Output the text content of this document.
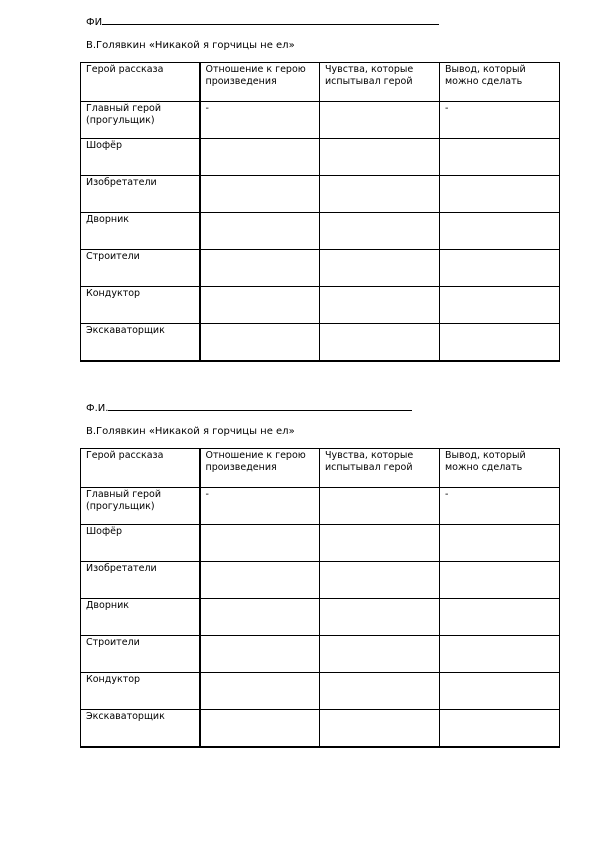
ФИ
В.Голявкин «Никакой я горчицы не ел»
Герой рассказа	Отношение к герою произведения	Чувства, которые испытывал герой	Вывод, который можно сделать
Главный герой (прогульщик)	-		-
Шофёр			
Изобретатели			
Дворник			
Строители			
Кондуктор			
Экскаваторщик			
Ф.И.
В.Голявкин «Никакой я горчицы не ел»
Герой рассказа	Отношение к герою произведения	Чувства, которые испытывал герой	Вывод, который можно сделать
Главный герой (прогульщик)	-		-
Шофёр			
Изобретатели			
Дворник			
Строители			
Кондуктор			
Экскаваторщик			
